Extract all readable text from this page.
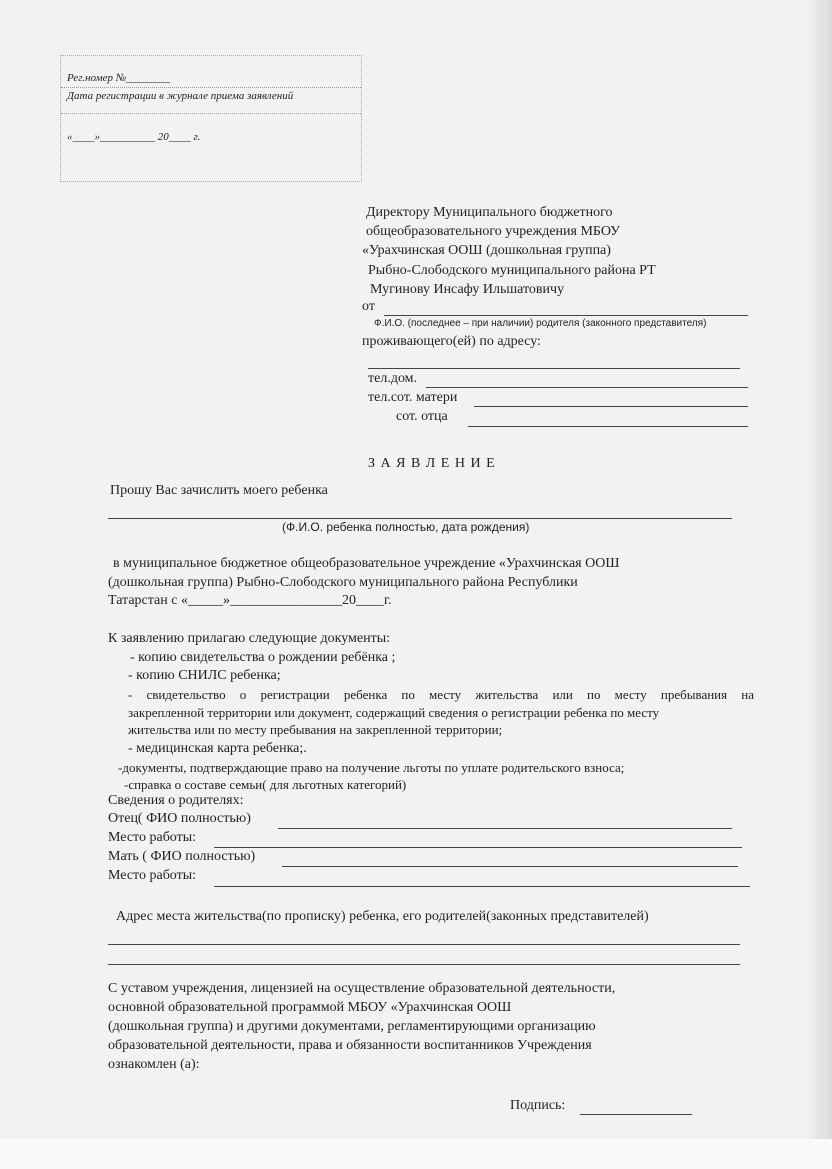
Рег.номер №________
Дата регистрации в журнале приема заявлений
«____»__________ 20____ г.
Директору Муниципального бюджетного
общеобразовательного учреждения МБОУ
«Урахчинская ООШ (дошкольная группа)
Рыбно-Слободского муниципального района РТ
Мугинову Инсафу Ильшатовичу
от
Ф.И.О. (последнее – при наличии) родителя (законного представителя)
проживающего(ей) по адресу:
тел.дом.
тел.сот. матери
сот. отца
З А Я В Л Е Н И Е
Прошу Вас зачислить моего ребенка
(Ф.И.О. ребенка полностью, дата рождения)
в муниципальное бюджетное общеобразовательное учреждение «Урахчинская ООШ
(дошкольная группа) Рыбно-Слободского муниципального района Республики
Татарстан с «_____»________________20____г.
К заявлению прилагаю следующие документы:
- копию свидетельства о рождении ребёнка ;
- копию СНИЛС ребенка;
- свидетельство о регистрации ребенка по месту жительства или по месту пребывания на
закрепленной территории или документ, содержащий сведения о регистрации ребенка по месту
жительства или по месту пребывания на закрепленной территории;
- медицинская карта ребенка;.
-документы, подтверждающие право на получение льготы по уплате родительского взноса;
-справка о составе семьи( для льготных категорий)
Сведения о родителях:
Отец( ФИО полностью)
Место работы:
Мать ( ФИО полностью)
Место работы:
Адрес места жительства(по прописку) ребенка, его родителей(законных представителей)
С уставом учреждения, лицензией на осуществление образовательной деятельности,
основной образовательной программой МБОУ «Урахчинская ООШ
(дошкольная группа) и другими документами, регламентирующими организацию
образовательной деятельности, права и обязанности воспитанников Учреждения
ознакомлен (а):
Подпись:
